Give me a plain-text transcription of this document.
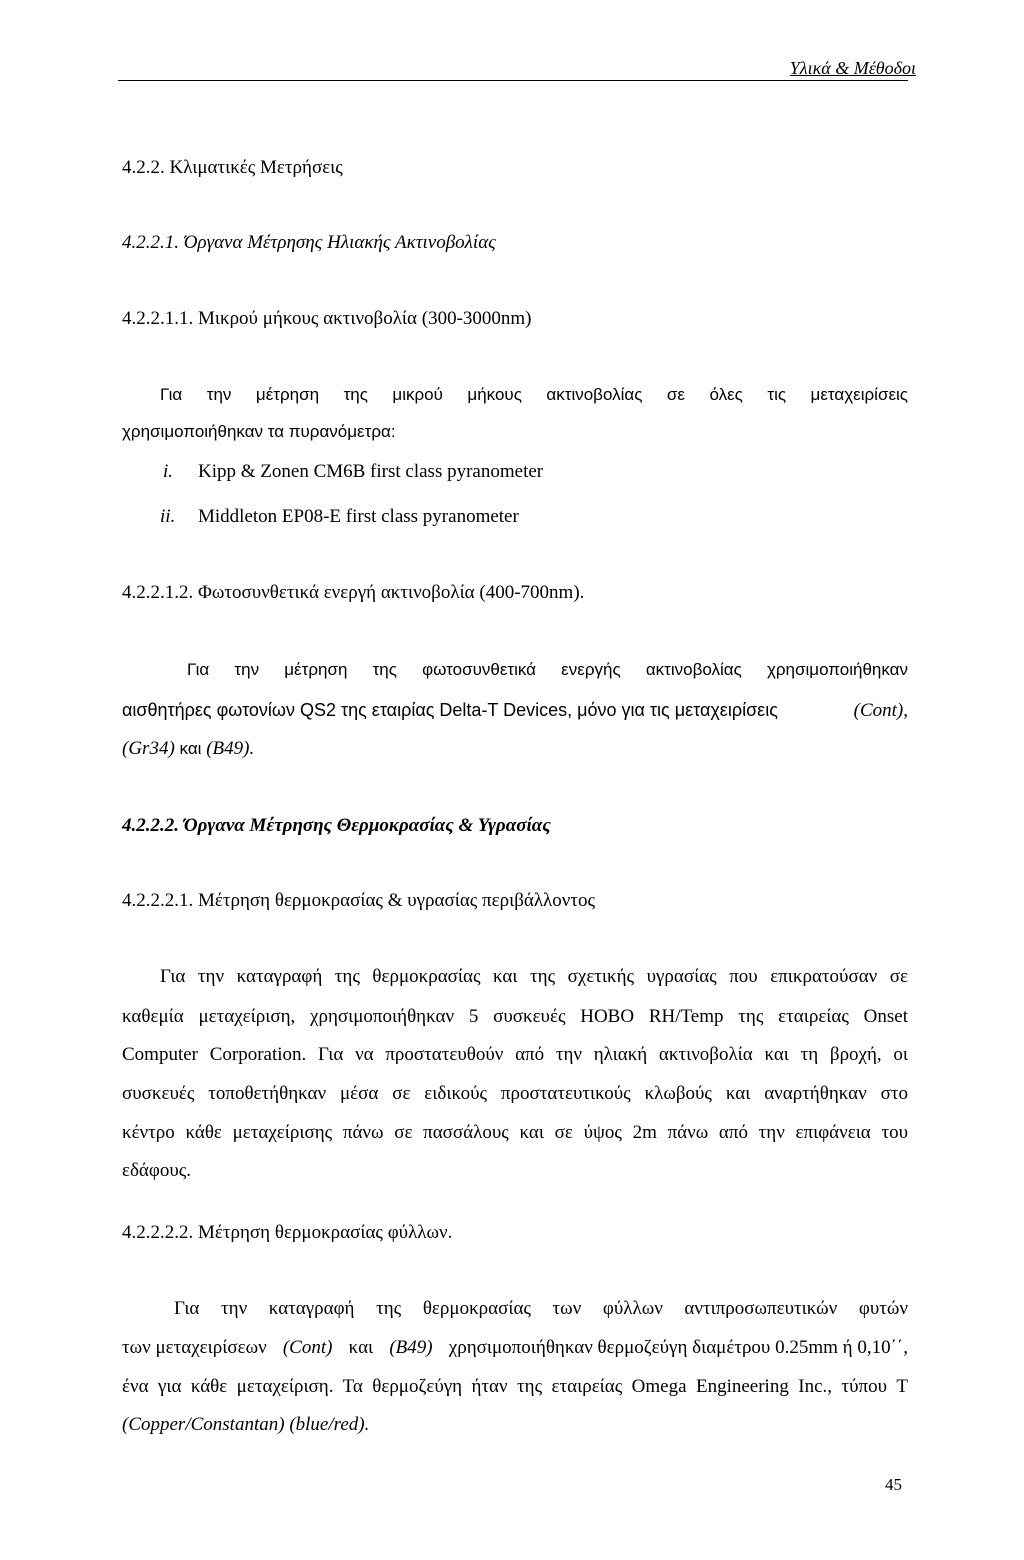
Υλικά & Μέθοδοι
4.2.2. Κλιματικές Μετρήσεις
4.2.2.1. Όργανα Μέτρησης Ηλιακής Ακτινοβολίας
4.2.2.1.1. Μικρού μήκους ακτινοβολία (300-3000nm)
Για την μέτρηση της μικρού μήκους ακτινοβολίας σε όλες τις μεταχειρίσεις
χρησιμοποιήθηκαν τα πυρανόμετρα:
i. Kipp & Zonen CM6B first class pyranometer
ii. Middleton EP08-E first class pyranometer
4.2.2.1.2. Φωτοσυνθετικά ενεργή ακτινοβολία (400-700nm).
Για την μέτρηση της φωτοσυνθετικά ενεργής ακτινοβολίας χρησιμοποιήθηκαν
αισθητήρες φωτονίων QS2 της εταιρίας Delta-T Devices, μόνο για τις μεταχειρίσεις	(Cont),
(Gr34) και (B49).
4.2.2.2. Όργανα Μέτρησης Θερμοκρασίας & Υγρασίας
4.2.2.2.1. Μέτρηση θερμοκρασίας & υγρασίας περιβάλλοντος
Για την καταγραφή της θερμοκρασίας και της σχετικής υγρασίας που επικρατούσαν σε
καθεμία μεταχείριση, χρησιμοποιήθηκαν 5 συσκευές HOBO RH/Temp της εταιρείας Onset
Computer Corporation. Για να προστατευθούν από την ηλιακή ακτινοβολία και τη βροχή, οι
συσκευές τοποθετήθηκαν μέσα σε ειδικούς προστατευτικούς κλωβούς και αναρτήθηκαν στο
κέντρο κάθε μεταχείρισης πάνω σε πασσάλους και σε ύψος 2m πάνω από την επιφάνεια του
εδάφους.
4.2.2.2.2. Μέτρηση θερμοκρασίας φύλλων.
Για την καταγραφή της θερμοκρασίας των φύλλων αντιπροσωπευτικών φυτών
των μεταχειρίσεων (Cont) και (B49) χρησιμοποιήθηκαν θερμοζεύγη διαμέτρου 0.25mm ή 0,10΄΄,
ένα για κάθε μεταχείριση. Τα θερμοζεύγη ήταν της εταιρείας Omega Engineering Inc., τύπου T
(Copper/Constantan) (blue/red).
45
